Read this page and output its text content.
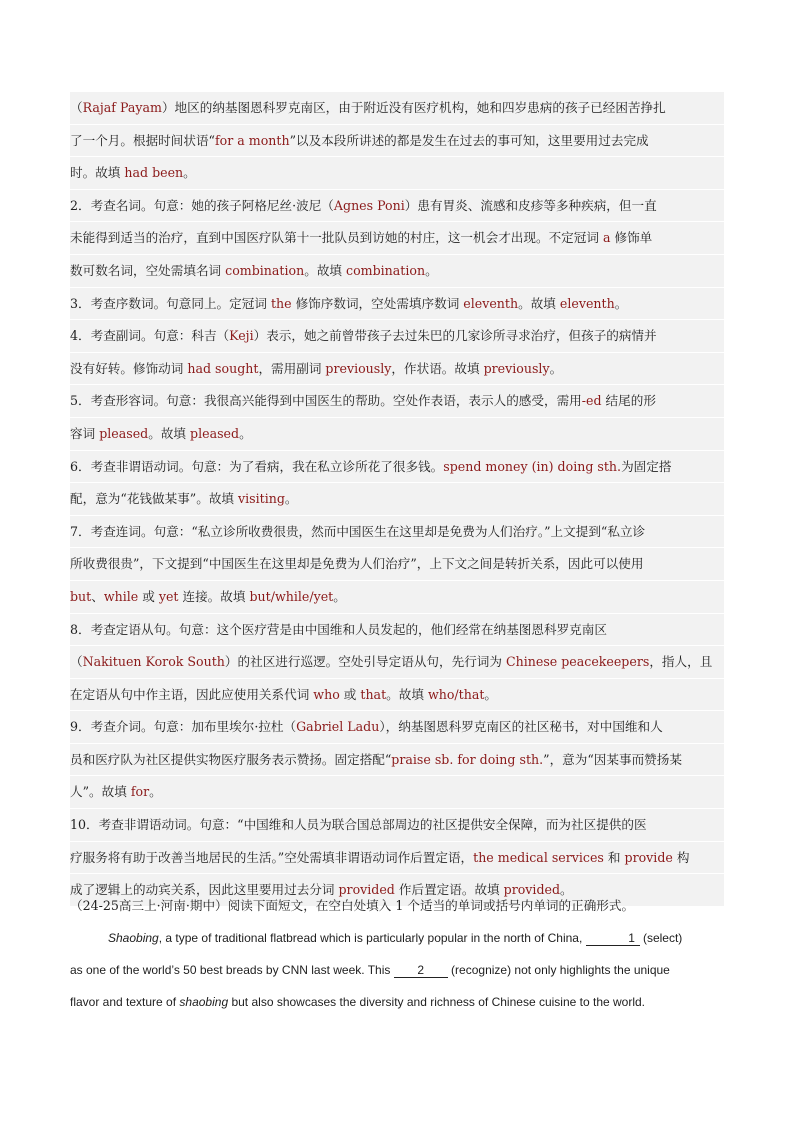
（Rajaf Payam）地区的纳基图恩科罗克南区，由于附近没有医疗机构，她和四岁患病的孩子已经困苦挣扎
了一个月。根据时间状语“for a month”以及本段所讲述的都是发生在过去的事可知，这里要用过去完成
时。故填 had been。
2．考查名词。句意：她的孩子阿格尼丝·波尼（Agnes Poni）患有胃炎、流感和皮疹等多种疾病，但一直
未能得到适当的治疗，直到中国医疗队第十一批队员到访她的村庄，这一机会才出现。不定冠词 a 修饰单
数可数名词，空处需填名词 combination。故填 combination。
3．考查序数词。句意同上。定冠词 the 修饰序数词，空处需填序数词 eleventh。故填 eleventh。
4．考查副词。句意：科吉（Keji）表示，她之前曾带孩子去过朱巴的几家诊所寻求治疗，但孩子的病情并
没有好转。修饰动词 had sought，需用副词 previously，作状语。故填 previously。
5．考查形容词。句意：我很高兴能得到中国医生的帮助。空处作表语，表示人的感受，需用-ed 结尾的形
容词 pleased。故填 pleased。
6．考查非谓语动词。句意：为了看病，我在私立诊所花了很多钱。spend money (in) doing sth.为固定搭
配，意为“花钱做某事”。故填 visiting。
7．考查连词。句意：“私立诊所收费很贵，然而中国医生在这里却是免费为人们治疗。”上文提到“私立诊
所收费很贵”，下文提到“中国医生在这里却是免费为人们治疗”，上下文之间是转折关系，因此可以使用
but、while 或 yet 连接。故填 but/while/yet。
8．考查定语从句。句意：这个医疗营是由中国维和人员发起的，他们经常在纳基图恩科罗克南区
（Nakituen Korok South）的社区进行巡逻。空处引导定语从句，先行词为 Chinese peacekeepers，指人，且
在定语从句中作主语，因此应使用关系代词 who 或 that。故填 who/that。
9．考查介词。句意：加布里埃尔·拉杜（Gabriel Ladu），纳基图恩科罗克南区的社区秘书，对中国维和人
员和医疗队为社区提供实物医疗服务表示赞扬。固定搭配“praise sb. for doing sth.”，意为“因某事而赞扬某
人”。故填 for。
10．考查非谓语动词。句意：“中国维和人员为联合国总部周边的社区提供安全保障，而为社区提供的医
疗服务将有助于改善当地居民的生活。”空处需填非谓语动词作后置定语，the medical services 和 provide 构
成了逻辑上的动宾关系，因此这里要用过去分词 provided 作后置定语。故填 provided。
（24-25高三上·河南·期中）阅读下面短文，在空白处填入 1 个适当的单词或括号内单词的正确形式。
Shaobing, a type of traditional flatbread which is particularly popular in the north of China,	1 (select)
as one of the world’s 50 best breads by CNN last week. This 2 (recognize) not only highlights the unique
flavor and texture of shaobing but also showcases the diversity and richness of Chinese cuisine to the world.
